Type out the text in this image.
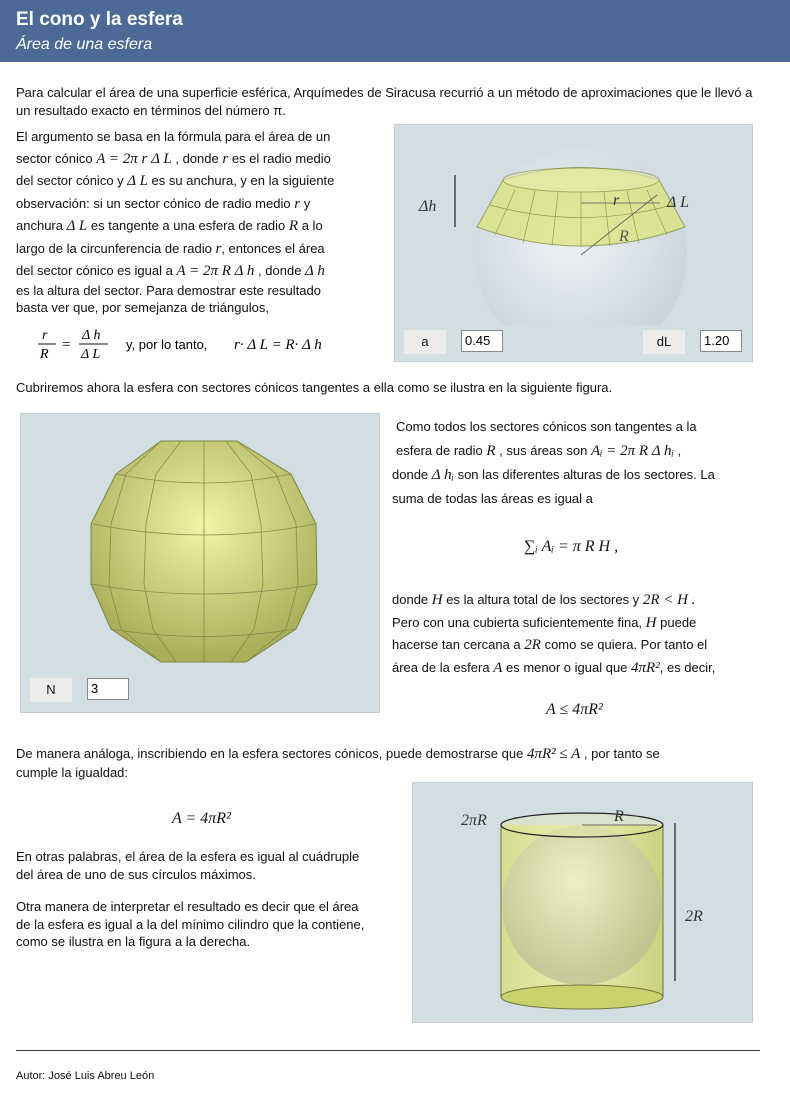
El cono y la esfera
Área de una esfera
Para calcular el área de una superficie esférica, Arquímedes de Siracusa recurrió a un método de aproximaciones que le llevó a un resultado exacto en términos del número π.
El argumento se basa en la fórmula para el área de un
sector cónico A = 2π r Δ L , donde r es el radio medio
del sector cónico y Δ L es su anchura, y en la siguiente
observación: si un sector cónico de radio medio r y
anchura Δ L es tangente a una esfera de radio R a lo
largo de la circunferencia de radio r, entonces el área
del sector cónico es igual a A = 2π R Δ h , donde Δ h
es la altura del sector. Para demostrar este resultado
basta ver que, por semejanza de triángulos,
r
R
=
Δ h
Δ L
y, por lo tanto, r· Δ L = R· Δ h
Δh	r
R
Δ L

a
0.45	dL
1.20
Cubriremos ahora la esfera con sectores cónicos tangentes a ella como se ilustra en la siguiente figura.

N
3
Como todos los sectores cónicos son tangentes a la
esfera de radio R , sus áreas son Aᵢ = 2π R Δ hᵢ ,
donde Δ hᵢ son las diferentes alturas de los sectores. La
suma de todas las áreas es igual a
∑ᵢ Aᵢ = π R H ,
donde H es la altura total de los sectores y 2R < H .
Pero con una cubierta suficientemente fina, H puede
hacerse tan cercana a 2R como se quiera. Por tanto el
área de la esfera A es menor o igual que 4πR², es decir,
A ≤ 4πR²
De manera análoga, inscribiendo en la esfera sectores cónicos, puede demostrarse que 4πR² ≤ A , por tanto se
cumple la igualdad:
A = 4πR²
En otras palabras, el área de la esfera es igual al cuádruple
del área de uno de sus círculos máximos.
Otra manera de interpretar el resultado es decir que el área
de la esfera es igual a la del mínimo cilindro que la contiene,
como se ilustra en la figura a la derecha.
2πR	R
2R
Autor: José Luis Abreu León
